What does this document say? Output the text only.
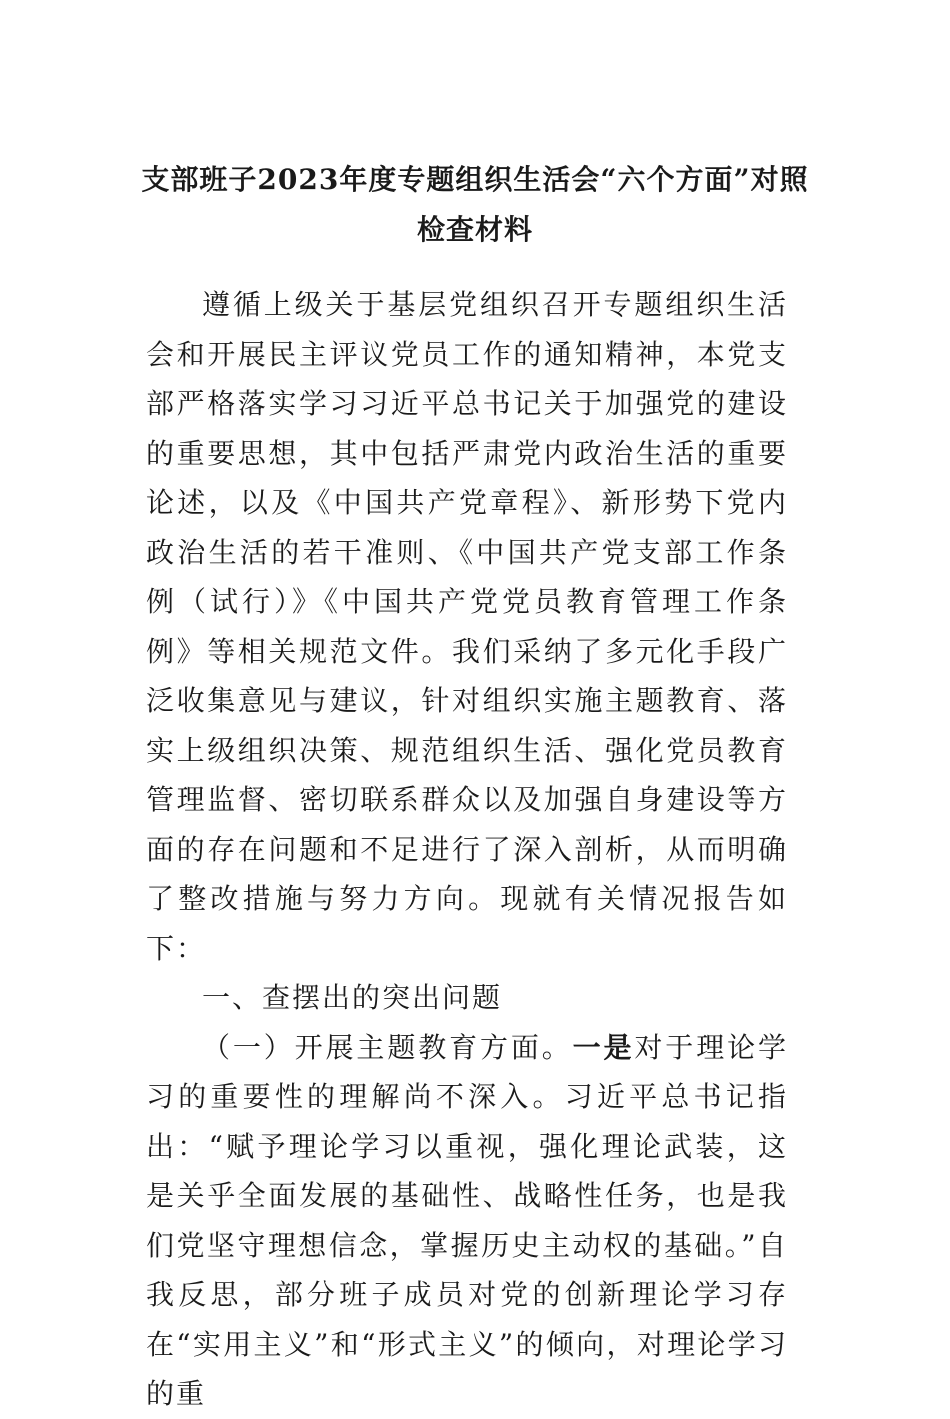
支部班子2023年度专题组织生活会“六个方面”对照检查材料

遵循上级关于基层党组织召开专题组织生活会和开展民主评议党员工作的通知精神，本党支部严格落实学习习近平总书记关于加强党的建设的重要思想，其中包括严肃党内政治生活的重要论述，以及《中国共产党章程》、新形势下党内政治生活的若干准则、《中国共产党支部工作条例（试行）》《中国共产党党员教育管理工作条例》等相关规范文件。我们采纳了多元化手段广泛收集意见与建议，针对组织实施主题教育、落实上级组织决策、规范组织生活、强化党员教育管理监督、密切联系群众以及加强自身建设等方面的存在问题和不足进行了深入剖析，从而明确了整改措施与努力方向。现就有关情况报告如下：

一、查摆出的突出问题

（一）开展主题教育方面。一是对于理论学习的重要性的理解尚不深入。习近平总书记指出：“赋予理论学习以重视，强化理论武装，这是关乎全面发展的基础性、战略性任务，也是我们党坚守理想信念，掌握历史主动权的基础。”自我反思，部分班子成员对党的创新理论学习存在“实用主义”和“形式主义”的倾向，对理论学习的重
